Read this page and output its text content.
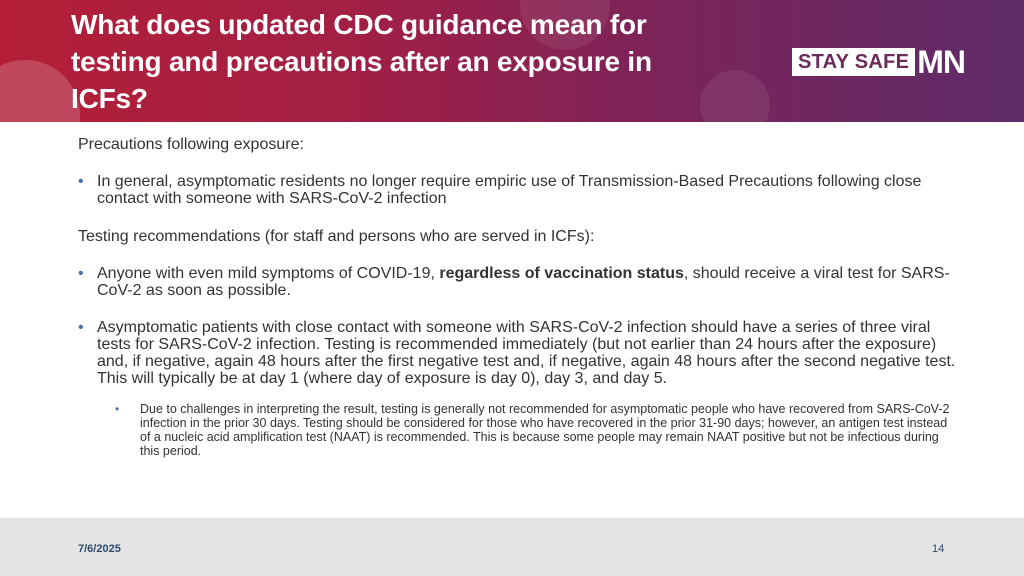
What does updated CDC guidance mean for testing and precautions after an exposure in ICFs?
STAY SAFE MN

Precautions following exposure:

• In general, asymptomatic residents no longer require empiric use of Transmission-Based Precautions following close contact with someone with SARS-CoV-2 infection

Testing recommendations (for staff and persons who are served in ICFs):

• Anyone with even mild symptoms of COVID-19, regardless of vaccination status, should receive a viral test for SARS-CoV-2 as soon as possible.
• Asymptomatic patients with close contact with someone with SARS-CoV-2 infection should have a series of three viral tests for SARS-CoV-2 infection. Testing is recommended immediately (but not earlier than 24 hours after the exposure) and, if negative, again 48 hours after the first negative test and, if negative, again 48 hours after the second negative test. This will typically be at day 1 (where day of exposure is day 0), day 3, and day 5.
• Due to challenges in interpreting the result, testing is generally not recommended for asymptomatic people who have recovered from SARS-CoV-2 infection in the prior 30 days. Testing should be considered for those who have recovered in the prior 31-90 days; however, an antigen test instead of a nucleic acid amplification test (NAAT) is recommended. This is because some people may remain NAAT positive but not be infectious during this period.
7/6/2025	14
